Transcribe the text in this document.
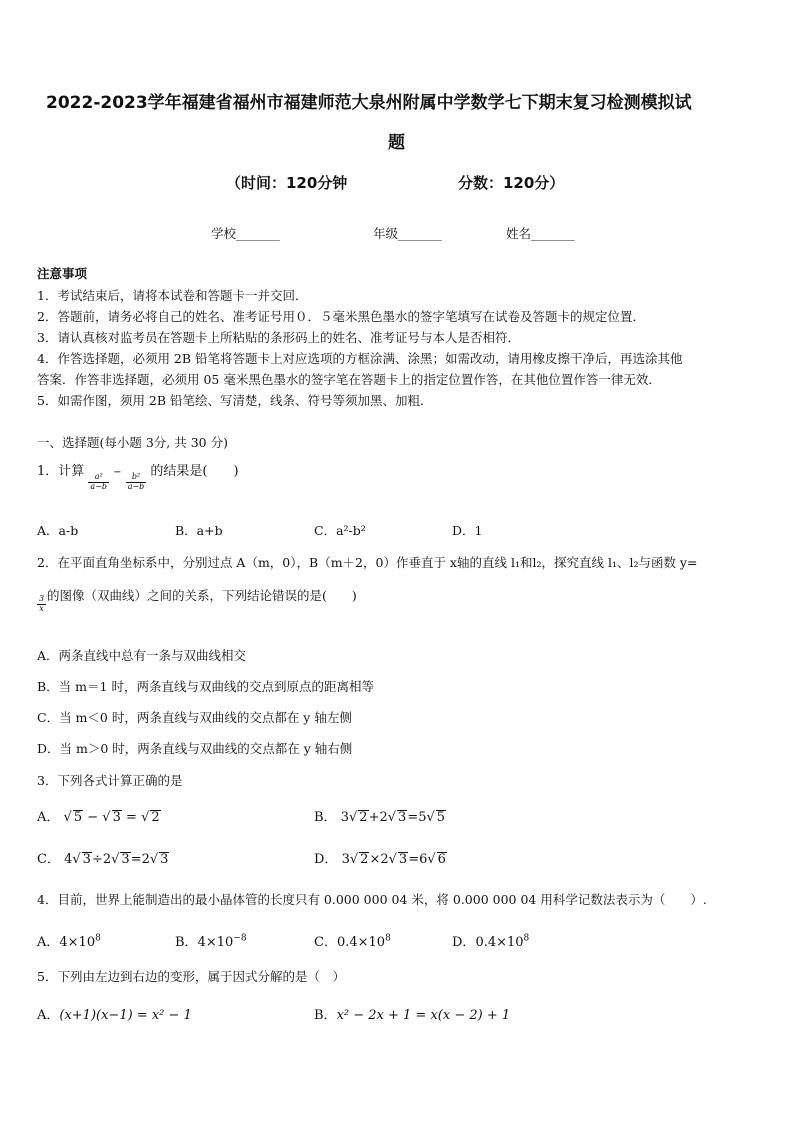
2022-2023学年福建省福州市福建师范大泉州附属中学数学七下期末复习检测模拟试
题
（时间：120分钟	分数：120分）
学校_______	年级_______	姓名_______
注意事项
1．考试结束后，请将本试卷和答题卡一并交回．
2．答题前，请务必将自己的姓名、准考证号用０．５毫米黑色墨水的签字笔填写在试卷及答题卡的规定位置．
3．请认真核对监考员在答题卡上所粘贴的条形码上的姓名、准考证号与本人是否相符．
4．作答选择题，必须用 2B 铅笔将答题卡上对应选项的方框涂满、涂黑；如需改动，请用橡皮擦干净后，再选涂其他
答案．作答非选择题，必须用 05 毫米黑色墨水的签字笔在答题卡上的指定位置作答，在其他位置作答一律无效．
5．如需作图，须用 2B 铅笔绘、写清楚，线条、符号等须加黑、加粗．
一、选择题(每小题 3分, 共 30 分)
1．计算
$\frac{\text{a²}}{a-b}$
−
$\frac{\text{b²}}{a-b}$
的结果是(　　)
A．a-b	B．a+b	C．a²-b²	D．1
2．在平面直角坐标系中，分别过点 A（m，0），B（m＋2，0）作垂直于 x轴的直线 l₁和l₂，探究直线 l₁、l₂与函数 y=
$\frac{3}{x}$ 的图像（双曲线）之间的关系，下列结论错误的是(　　)
A．两条直线中总有一条与双曲线相交
B．当 m＝1 时，两条直线与双曲线的交点到原点的距离相等
C．当 m＜0 时，两条直线与双曲线的交点都在 y 轴左侧
D．当 m＞0 时，两条直线与双曲线的交点都在 y 轴右侧
3．下列各式计算正确的是
A． √ 5 − √ 3 = √ 2	B． 3√ 2+2√ 3=5√ 5
C． 4√ 3÷2√ 3=2√ 3	D． 3√ 2×2√ 3=6√ 6
4．目前，世界上能制造出的最小晶体管的长度只有 0.000 000 04 米，将 0.000 000 04 用科学记数法表示为（　　）.
A．$4\times 10^8$	B．$4\times 10^{-8}$	C．$0.4\times 10^8$	D．$0.4\times 10^8$
5．下列由左边到右边的变形，属于因式分解的是（　）
A．(x+1)(x−1) = x² − 1	B．x² − 2x + 1 = x(x − 2) + 1
